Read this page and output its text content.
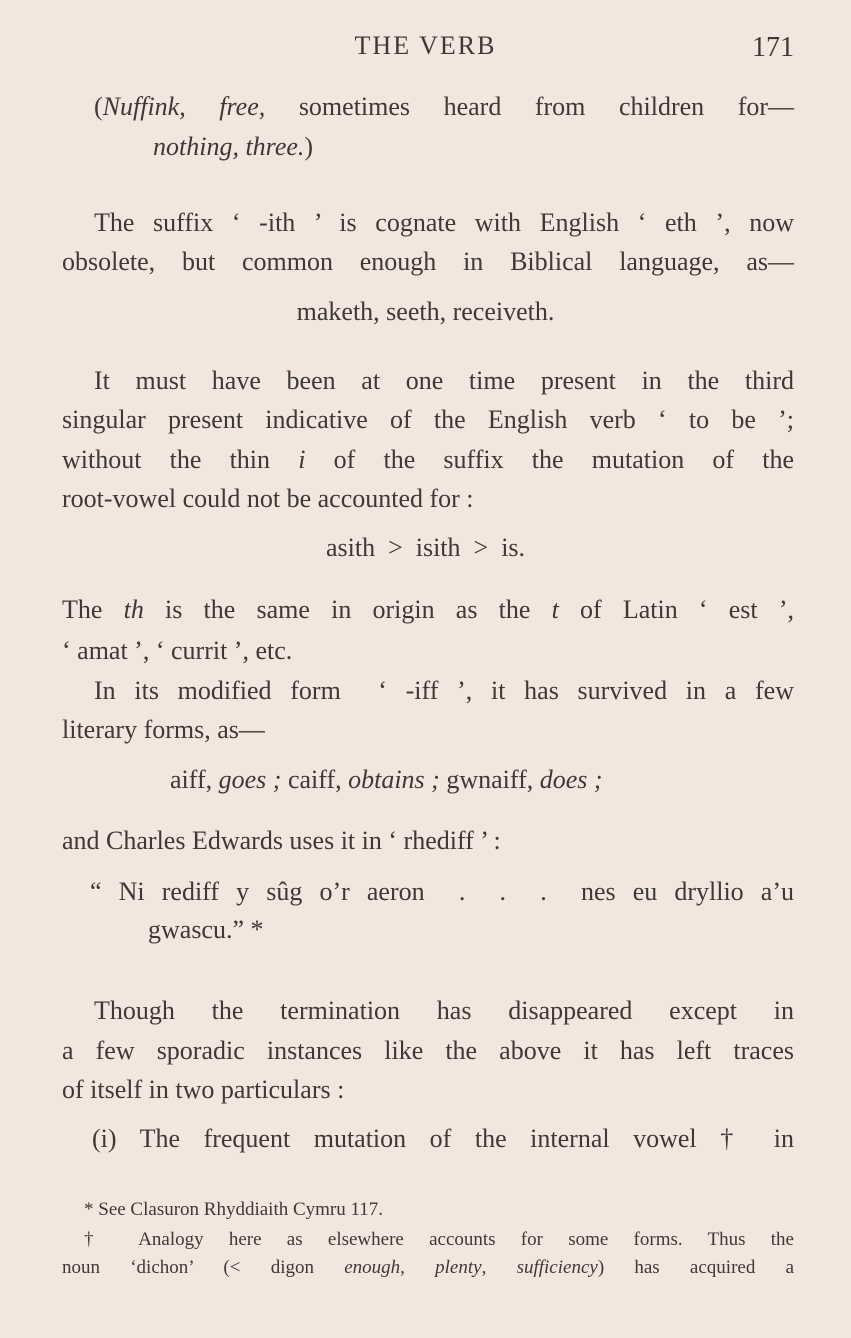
THE VERB	171
(Nuffink, free, sometimes heard from children for—
nothing, three.)
The suffix ‘ -ith ’ is cognate with English ‘ eth ’, now
obsolete, but common enough in Biblical language, as—
maketh, seeth, receiveth.
It must have been at one time present in the third
singular present indicative of the English verb ‘ to be ’;
without the thin i of the suffix the mutation of the
root-vowel could not be accounted for :
asith  >  isith  >  is.
The th is the same in origin as the t of Latin ‘ est ’,
‘ amat ’, ‘ currit ’, etc.
In its modified form  ‘ -iff ’, it has survived in a few
literary forms, as—
aiff, goes ; caiff, obtains ; gwnaiff, does ;
and Charles Edwards uses it in ‘ rhediff ’ :
“ Ni rediff y sûg o’r aeron  .  .  .  nes eu dryllio a’u
gwascu.” *
Though the termination has disappeared except in
a few sporadic instances like the above it has left traces
of itself in two particulars :
(i) The frequent mutation of the internal vowel † in
* See Clasuron Rhyddiaith Cymru 117.
† Analogy here as elsewhere accounts for some forms. Thus the
noun ‘dichon’ (< digon enough, plenty, sufficiency) has acquired a
